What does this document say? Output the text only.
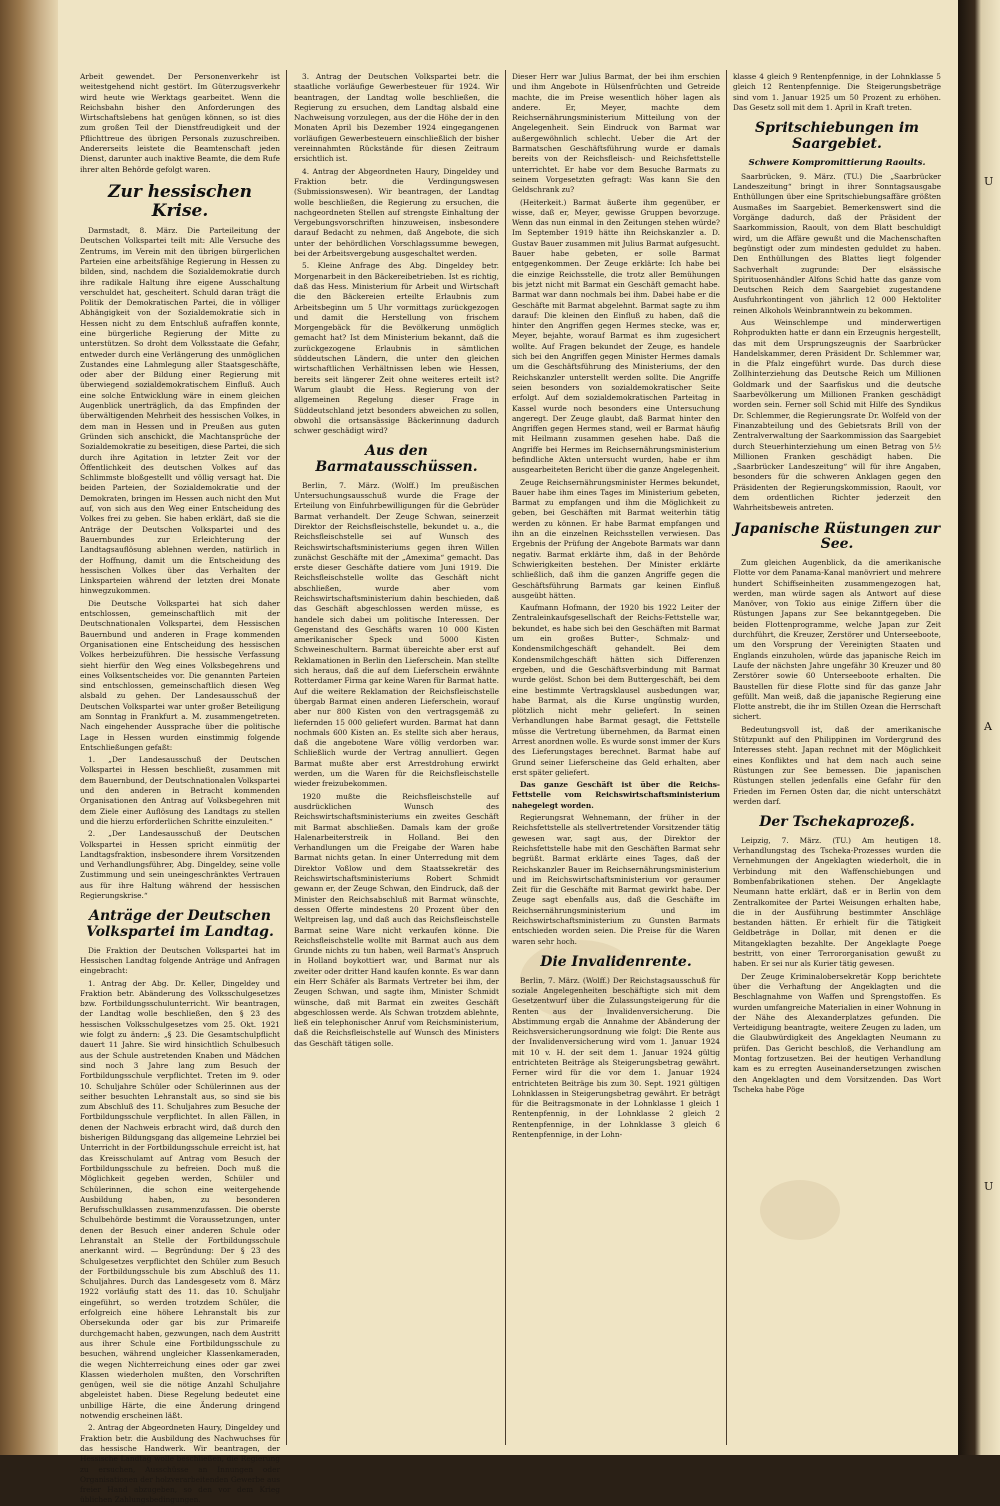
Arbeit gewendet. Der Personenverkehr ist weitestgehend nicht gestört. Im Güterzugsverkehr wird heute wie Werktags gearbeitet. Wenn die Reichsbahn bisher den Anforderungen des Wirtschaftslebens hat genügen können, so ist dies zum großen Teil der Dienstfreudigkeit und der Pflichttreue des übrigen Personals zuzuschreiben. Andererseits leistete die Beamtenschaft jeden Dienst, darunter auch inaktive Beamte, die dem Rufe ihrer alten Behörde gefolgt waren.

Zur hessischen Krise.

Darmstadt, 8. März. Die Parteileitung der Deutschen Volkspartei teilt mit: Alle Versuche des Zentrums, im Verein mit den übrigen bürgerlichen Parteien eine arbeitsfähige Regierung in Hessen zu bilden, sind, nachdem die Sozialdemokratie durch ihre radikale Haltung ihre eigene Ausschaltung verschuldet hat, gescheitert. Schuld daran trägt die Politik der Demokratischen Partei, die in völliger Abhängigkeit von der Sozialdemokratie sich in Hessen nicht zu dem Entschluß aufraffen konnte, eine bürgerliche Regierung der Mitte zu unterstützen. So droht dem Volksstaate die Gefahr, entweder durch eine Verlängerung des unmöglichen Zustandes eine Lahmlegung aller Staatsgeschäfte, oder aber der Bildung einer Regierung mit überwiegend sozialdemokratischem Einfluß. Auch eine solche Entwicklung wäre in einem gleichen Augenblick unerträglich, da das Empfinden der überwältigenden Mehrheit des hessischen Volkes, in dem man in Hessen und in Preußen aus guten Gründen sich anschickt, die Machtansprüche der Sozialdemokratie zu beseitigen, diese Partei, die sich durch ihre Agitation in letzter Zeit vor der Öffentlichkeit des deutschen Volkes auf das Schlimmste bloßgestellt und völlig versagt hat. Die beiden Parteien, der Sozialdemokratie und der Demokraten, bringen im Hessen auch nicht den Mut auf, von sich aus den Weg einer Entscheidung des Volkes frei zu geben. Sie haben erklärt, daß sie die Anträge der Deutschen Volkspartei und des Bauernbundes zur Erleichterung der Landtagsauflösung ablehnen werden, natürlich in der Hoffnung, damit um die Entscheidung des hessischen Volkes über das Verhalten der Linksparteien während der letzten drei Monate hinwegzukommen.

Die Deutsche Volkspartei hat sich daher entschlossen, gemeinschaftlich mit der Deutschnationalen Volkspartei, dem Hessischen Bauernbund und anderen in Frage kommenden Organisationen eine Entscheidung des hessischen Volkes herbeizuführen. Die hessische Verfassung sieht hierfür den Weg eines Volksbegehrens und eines Volksentscheides vor. Die genannten Parteien sind entschlossen, gemeinschaftlich diesen Weg alsbald zu gehen. Der Landesausschuß der Deutschen Volkspartei war unter großer Beteiligung am Sonntag in Frankfurt a. M. zusammengetreten. Nach eingehender Aussprache über die politische Lage in Hessen wurden einstimmig folgende Entschließungen gefaßt:

1. „Der Landesausschuß der Deutschen Volkspartei in Hessen beschließt, zusammen mit dem Bauernbund, der Deutschnationalen Volkspartei und den anderen in Betracht kommenden Organisationen den Antrag auf Volksbegehren mit dem Ziele einer Auflösung des Landtags zu stellen und die hierzu erforderlichen Schritte einzuleiten.“

2. „Der Landesausschuß der Deutschen Volkspartei in Hessen spricht einmütig der Landtagsfraktion, insbesondere ihrem Vorsitzenden und Verhandlungsführer, Abg. Dingeldey, seine volle Zustimmung und sein uneingeschränktes Vertrauen aus für ihre Haltung während der hessischen Regierungskrise.“

Anträge der Deutschen Volkspartei im Landtag.

Die Fraktion der Deutschen Volkspartei hat im Hessischen Landtag folgende Anträge und Anfragen eingebracht:

1. Antrag der Abg. Dr. Keller, Dingeldey und Fraktion betr. Abänderung des Volksschulgesetzes bzw. Fortbildungsschulunterricht. Wir beantragen, der Landtag wolle beschließen, den § 23 des hessischen Volksschulgesetzes vom 25. Okt. 1921 wie folgt zu ändern: „§ 23. Die Gesamtschulpflicht dauert 11 Jahre. Sie wird hinsichtlich Schulbesuch aus der Schule austretenden Knaben und Mädchen sind noch 3 Jahre lang zum Besuch der Fortbildungsschule verpflichtet. Treten im 9. oder 10. Schuljahre Schüler oder Schülerinnen aus der seither besuchten Lehranstalt aus, so sind sie bis zum Abschluß des 11. Schuljahres zum Besuche der Fortbildungsschule verpflichtet. In allen Fällen, in denen der Nachweis erbracht wird, daß durch den bisherigen Bildungsgang das allgemeine Lehrziel bei Unterricht in der Fortbildungsschule erreicht ist, hat das Kreisschulamt auf Antrag vom Besuch der Fortbildungsschule zu befreien. Doch muß die Möglichkeit gegeben werden, Schüler und Schülerinnen, die schon eine weitergehende Ausbildung haben, zu besonderen Berufsschulklassen zusammenzufassen. Die oberste Schulbehörde bestimmt die Voraussetzungen, unter denen der Besuch einer anderen Schule oder Lehranstalt an Stelle der Fortbildungsschule anerkannt wird. — Begründung: Der § 23 des Schulgesetzes verpflichtet den Schüler zum Besuch der Fortbildungsschule bis zum Abschluß des 11. Schuljahres. Durch das Landesgesetz vom 8. März 1922 vorläufig statt des 11. das 10. Schuljahr eingeführt, so werden trotzdem Schüler, die erfolgreich eine höhere Lehranstalt bis zur Obersekunda oder gar bis zur Primareife durchgemacht haben, gezwungen, nach dem Austritt aus ihrer Schule eine Fortbildungsschule zu besuchen, während ungleicher Klassenkameraden, die wegen Nichterreichung eines oder gar zwei Klassen wiederholen mußten, den Vorschriften genügen, weil sie die nötige Anzahl Schuljahre abgeleistet haben. Diese Regelung bedeutet eine unbillige Härte, die eine Änderung dringend notwendig erscheinen läßt.

2. Antrag der Abgeordneten Haury, Dingeldey und Fraktion betr. die Ausbildung des Nachwuchses für das hessische Handwerk. Wir beantragen, der Hessische Landtag wolle beschließen, die Regierung zu ersuchen, Ausschüsse an Innungen oder Organisationen der holzverarbeitenden Gewerbe aus freier Hand abzugeben, so den vor dem Krieg üblichen Zahlungsbedingungen.

3. Antrag der Deutschen Volkspartei betr. die staatliche vorläufige Gewerbesteuer für 1924. Wir beantragen, der Landtag wolle beschließen, die Regierung zu ersuchen, dem Landtag alsbald eine Nachweisung vorzulegen, aus der die Höhe der in den Monaten April bis Dezember 1924 eingegangenen vorläufigen Gewerbesteuern einschließlich der bisher vereinnahmten Rückstände für diesen Zeitraum ersichtlich ist.

4. Antrag der Abgeordneten Haury, Dingeldey und Fraktion betr. die Verdingungswesen (Submissionswesen). Wir beantragen, der Landtag wolle beschließen, die Regierung zu ersuchen, die nachgeordneten Stellen auf strengste Einhaltung der Vergebungsvorschriften hinzuweisen, insbesondere darauf Bedacht zu nehmen, daß Angebote, die sich unter der behördlichen Vorschlagssumme bewegen, bei der Arbeitsvergebung ausgeschaltet werden.

5. Kleine Anfrage des Abg. Dingeldey betr. Morgenarbeit in den Bäckereibetrieben. Ist es richtig, daß das Hess. Ministerium für Arbeit und Wirtschaft die den Bäckereien erteilte Erlaubnis zum Arbeitsbeginn um 5 Uhr vormittags zurückgezogen und damit die Herstellung von frischem Morgengebäck für die Bevölkerung unmöglich gemacht hat? Ist dem Ministerium bekannt, daß die zurückgezogene Erlaubnis in sämtlichen süddeutschen Ländern, die unter den gleichen wirtschaftlichen Verhältnissen leben wie Hessen, bereits seit längerer Zeit ohne weiteres erteilt ist? Warum glaubt die Hess. Regierung von der allgemeinen Regelung dieser Frage in Süddeutschland jetzt besonders abweichen zu sollen, obwohl die ortsansässige Bäckerinnung dadurch schwer geschädigt wird?

Aus den Barmatausschüssen.

Berlin, 7. März. (Wolff.) Im preußischen Untersuchungsausschuß wurde die Frage der Erteilung von Einfuhrbewilligungen für die Gebrüder Barmat verhandelt. Der Zeuge Schwan, seinerzeit Direktor der Reichsfleischstelle, bekundet u. a., die Reichsfleischstelle sei auf Wunsch des Reichswirtschaftsministeriums gegen ihren Willen zunächst Geschäfte mit der „Amexima“ gemacht. Das erste dieser Geschäfte datiere vom Juni 1919. Die Reichsfleischstelle wollte das Geschäft nicht abschließen, wurde aber vom Reichswirtschaftsministerium dahin beschieden, daß das Geschäft abgeschlossen werden müsse, es handele sich dabei um politische Interessen. Der Gegenstand des Geschäfts waren 10 000 Kisten amerikanischer Speck und 5000 Kisten Schweineschultern. Barmat übereichte aber erst auf Reklamationen in Berlin den Lieferschein. Man stellte sich heraus, daß die auf dem Lieferschein erwähnte Rotterdamer Firma gar keine Waren für Barmat hatte. Auf die weitere Reklamation der Reichsfleischstelle übergab Barmat einen anderen Lieferschein, worauf aber nur 800 Kisten von den vertragsgemäß zu liefernden 15 000 geliefert wurden. Barmat hat dann nochmals 600 Kisten an. Es stellte sich aber heraus, daß die angebotene Ware völlig verdorben war. Schließlich wurde der Vertrag annulliert. Gegen Barmat mußte aber erst Arrestdrohung erwirkt werden, um die Waren für die Reichsfleischstelle wieder freizubekommen.

1920 mußte die Reichsfleischstelle auf ausdrücklichen Wunsch des Reichswirtschaftsministeriums ein zweites Geschäft mit Barmat abschließen. Damals kam der große Halenarbeiterstreik in Holland. Bei den Verhandlungen um die Freigabe der Waren habe Barmat nichts getan. In einer Unterredung mit dem Direktor Voßlow und dem Staatssekretär des Reichswirtschaftsministeriums Robert Schmidt gewann er, der Zeuge Schwan, den Eindruck, daß der Minister den Reichsabschluß mit Barmat wünschte, dessen Offerte mindestens 20 Prozent über den Weltpreisen lag, und daß auch das Reichsfleischstelle Barmat seine Ware nicht verkaufen könne. Die Reichsfleischstelle wollte mit Barmat auch aus dem Grunde nichts zu tun haben, weil Barmat's Anspruch in Holland boykottiert war, und Barmat nur als zweiter oder dritter Hand kaufen konnte. Es war dann ein Herr Schäfer als Barmats Vertreter bei ihm, der Zeugen Schwan, und sagte ihm, Minister Schmidt wünsche, daß mit Barmat ein zweites Geschäft abgeschlossen werde. Als Schwan trotzdem ablehnte, ließ ein telephonischer Anruf vom Reichsministerium, daß die Reichsfleischstelle auf Wunsch des Ministers das Geschäft tätigen solle.

Dieser Herr war Julius Barmat, der bei ihm erschien und ihm Angebote in Hülsenfrüchten und Getreide machte, die im Preise wesentlich höher lagen als andere. Er, Meyer, machte dem Reichsernährungsministerium Mitteilung von der Angelegenheit. Sein Eindruck von Barmat war außergewöhnlich schlecht. Ueber die Art der Barmatschen Geschäftsführung wurde er damals bereits von der Reichsfleisch- und Reichsfettstelle unterrichtet. Er habe vor dem Besuche Barmats zu seinem Vorgesetzten gefragt: Was kann Sie den Geldschrank zu?

(Heiterkeit.) Barmat äußerte ihm gegenüber, er wisse, daß er, Meyer, gewisse Gruppen bevorzuge. Wenn das nun einmal in den Zeitungen stehen würde? Im September 1919 hätte ihn Reichskanzler a. D. Gustav Bauer zusammen mit Julius Barmat aufgesucht. Bauer habe gebeten, er solle Barmat entgegenkommen. Der Zeuge erklärte: Ich habe bei die einzige Reichsstelle, die trotz aller Bemühungen bis jetzt nicht mit Barmat ein Geschäft gemacht habe. Barmat war dann nochmals bei ihm. Dabei habe er die Geschäfte mit Barmat abgelehnt. Barmat sagte zu ihm darauf: Die kleinen den Einfluß zu haben, daß die hinter den Angriffen gegen Hermes stecke, was er, Meyer, bejahte, worauf Barmat es ihm zugesichert wollte. Auf Fragen bekundet der Zeuge, es handele sich bei den Angriffen gegen Minister Hermes damals um die Geschäftsführung des Ministeriums, der den Reichskanzler unterstellt werden sollte. Die Angriffe seien besonders von sozialdemokratischer Seite erfolgt. Auf dem sozialdemokratischen Parteitag in Kassel wurde noch besonders eine Untersuchung angeregt. Der Zeuge glaubt, daß Barmat hinter den Angriffen gegen Hermes stand, weil er Barmat häufig mit Heilmann zusammen gesehen habe. Daß die Angriffe bei Hermes im Reichsernährungsministerium befindliche Akten untersucht wurden, habe er ihm ausgearbeiteten Bericht über die ganze Angelegenheit.

Zeuge Reichsernährungsminister Hermes bekundet, Bauer habe ihm eines Tages im Ministerium gebeten, Barmat zu empfangen und ihm die Möglichkeit zu geben, bei Geschäften mit Barmat weiterhin tätig werden zu können. Er habe Barmat empfangen und ihn an die einzelnen Reichsstellen verwiesen. Das Ergebnis der Prüfung der Angebote Barmats war dann negativ. Barmat erklärte ihm, daß in der Behörde Schwierigkeiten bestehen. Der Minister erklärte schließlich, daß ihm die ganzen Angriffe gegen die Geschäftsführung Barmats gar keinen Einfluß ausgeübt hätten.

Kaufmann Hofmann, der 1920 bis 1922 Leiter der Zentraleinkaufsgesellschaft der Reichs-Fettstelle war, bekundet, es habe sich bei den Geschäften mit Barmat um ein großes Butter-, Schmalz- und Kondensmilchgeschäft gehandelt. Bei dem Kondensmilchgeschäft hätten sich Differenzen ergeben, und die Geschäftsverbindung mit Barmat wurde gelöst. Schon bei dem Buttergeschäft, bei dem eine bestimmte Vertragsklausel ausbedungen war, habe Barmat, als die Kurse ungünstig wurden, plötzlich nicht mehr geliefert. In seinen Verhandlungen habe Barmat gesagt, die Fettstelle müsse die Vertretung übernehmen, da Barmat einen Arrest anordnen wolle. Es wurde sonst immer der Kurs des Lieferungstages berechnet. Barmat habe auf Grund seiner Lieferscheine das Geld erhalten, aber erst später geliefert.

Das ganze Geschäft ist über die Reichs-Fettstelle vom Reichswirtschaftsministerium nahegelegt worden.

Regierungsrat Wehnemann, der früher in der Reichsfettstelle als stellvertretender Vorsitzender tätig gewesen war, sagt aus, der Direktor der Reichsfettstelle habe mit den Geschäften Barmat sehr begrüßt. Barmat erklärte eines Tages, daß der Reichskanzler Bauer im Reichsernährungsministerium und im Reichswirtschaftsministerium vor geraumer Zeit für die Geschäfte mit Barmat gewirkt habe. Der Zeuge sagt ebenfalls aus, daß die Geschäfte im Reichsernährungsministerium und im Reichswirtschaftsministerium zu Gunsten Barmats entschieden worden seien. Die Preise für die Waren waren sehr hoch.

Die Invalidenrente.

Berlin, 7. März. (Wolff.) Der Reichstagsausschuß für soziale Angelegenheiten beschäftigte sich mit dem Gesetzentwurf über die Zulassungsteigerung für die Renten aus der Invalidenversicherung. Die Abstimmung ergab die Annahme der Abänderung der Reichsversicherungsordnung wie folgt: Die Rente aus der Invalidenversicherung wird vom 1. Januar 1924 mit 10 v. H. der seit dem 1. Januar 1924 gültig entrichteten Beiträge als Steigerungsbetrag gewährt. Ferner wird für die vor dem 1. Januar 1924 entrichteten Beiträge bis zum 30. Sept. 1921 gültigen Lohnklassen in Steigerungsbetrag gewährt. Er beträgt für die Beitragsmonate in der Lohnklasse 1 gleich 1 Rentenpfennig, in der Lohnklasse 2 gleich 2 Rentenpfennige, in der Lohnklasse 3 gleich 6 Rentenpfennige, in der Lohn-

klasse 4 gleich 9 Rentenpfennige, in der Lohnklasse 5 gleich 12 Rentenpfennige. Die Steigerungsbeträge sind vom 1. Januar 1925 um 50 Prozent zu erhöhen. Das Gesetz soll mit dem 1. April in Kraft treten.

Spritschiebungen im Saargebiet.
Schwere Kompromittierung Raoults.

Saarbrücken, 9. März. (TU.) Die „Saarbrücker Landeszeitung“ bringt in ihrer Sonntagsausgabe Enthüllungen über eine Spritschiebungsaffäre größten Ausmaßes im Saargebiet. Bemerkenswert sind die Vorgänge dadurch, daß der Präsident der Saarkommission, Raoult, von dem Blatt beschuldigt wird, um die Affäre gewußt und die Machenschaften begünstigt oder zum mindesten geduldet zu haben. Den Enthüllungen des Blattes liegt folgender Sachverhalt zugrunde: Der elsässische Spirituosenhändler Alfons Schid hatte das ganze vom Deutschen Reich dem Saargebiet zugestandene Ausfuhrkontingent von jährlich 12 000 Hektoliter reinen Alkohols Weinbranntwein zu bekommen.

Aus Weinschlempe und minderwertigen Rohprodukten hatte er dann ein Erzeugnis hergestellt, das mit dem Ursprungszeugnis der Saarbrücker Handelskammer, deren Präsident Dr. Schlemmer war, in die Pfalz eingeführt wurde. Das durch diese Zollhinterziehung das Deutsche Reich um Millionen Goldmark und der Saarfiskus und die deutsche Saarbevölkerung um Millionen Franken geschädigt worden sein. Ferner soll Schid mit Hilfe des Syndikus Dr. Schlemmer, die Regierungsrate Dr. Wolfeld von der Finanzabteilung und des Gebietsrats Brill von der Zentralverwaltung der Saarkommission das Saargebiet durch Steuerhinterziehung um einen Betrag von 5½ Millionen Franken geschädigt haben. Die „Saarbrücker Landeszeitung“ will für ihre Angaben, besonders für die schweren Anklagen gegen den Präsidenten der Regierungskommission, Raoult, vor dem ordentlichen Richter jederzeit den Wahrheitsbeweis antreten.

Japanische Rüstungen zur See.

Zum gleichen Augenblick, da die amerikanische Flotte vor dem Panama-Kanal manövriert und mehrere hundert Schiffseinheiten zusammengezogen hat, werden, man würde sagen als Antwort auf diese Manöver, von Tokio aus einige Ziffern über die Rüstungen Japans zur See bekanntgegeben. Die beiden Flottenprogramme, welche Japan zur Zeit durchführt, die Kreuzer, Zerstörer und Unterseeboote, um den Vorsprung der Vereinigten Staaten und Englands einzuholen, würde das japanische Reich im Laufe der nächsten Jahre ungefähr 30 Kreuzer und 80 Zerstörer sowie 60 Unterseeboote erhalten. Die Baustellen für diese Flotte sind für das ganze Jahr gefüllt. Man weiß, daß die japanische Regierung eine Flotte anstrebt, die ihr im Stillen Ozean die Herrschaft sichert.

Bedeutungsvoll ist, daß der amerikanische Stützpunkt auf den Philippinen im Vordergrund des Interesses steht. Japan rechnet mit der Möglichkeit eines Konfliktes und hat dem nach auch seine Rüstungen zur See bemessen. Die japanischen Rüstungen stellen jedenfalls eine Gefahr für den Frieden im Fernen Osten dar, die nicht unterschätzt werden darf.

Der Tschekaprozeß.

Leipzig, 7. März. (TU.) Am heutigen 18. Verhandlungstag des Tscheka-Prozesses wurden die Vernehmungen der Angeklagten wiederholt, die in Verbindung mit den Waffenschiebungen und Bombenfabrikationen stehen. Der Angeklagte Neumann hatte erklärt, daß er in Berlin von dem Zentralkomitee der Partei Weisungen erhalten habe, die in der Ausführung bestimmter Anschläge bestanden hätten. Er erhielt für die Tätigkeit Geldbeträge in Dollar, mit denen er die Mitangeklagten bezahlte. Der Angeklagte Poege bestritt, von einer Terrororganisation gewußt zu haben. Er sei nur als Kurier tätig gewesen.

Der Zeuge Kriminalobersekretär Kopp berichtete über die Verhaftung der Angeklagten und die Beschlagnahme von Waffen und Sprengstoffen. Es wurden umfangreiche Materialien in einer Wohnung in der Nähe des Alexanderplatzes gefunden. Die Verteidigung beantragte, weitere Zeugen zu laden, um die Glaubwürdigkeit des Angeklagten Neumann zu prüfen. Das Gericht beschloß, die Verhandlung am Montag fortzusetzen. Bei der heutigen Verhandlung kam es zu erregten Auseinandersetzungen zwischen den Angeklagten und dem Vorsitzenden. Das Wort Tscheka habe Pöge

U
A
U
